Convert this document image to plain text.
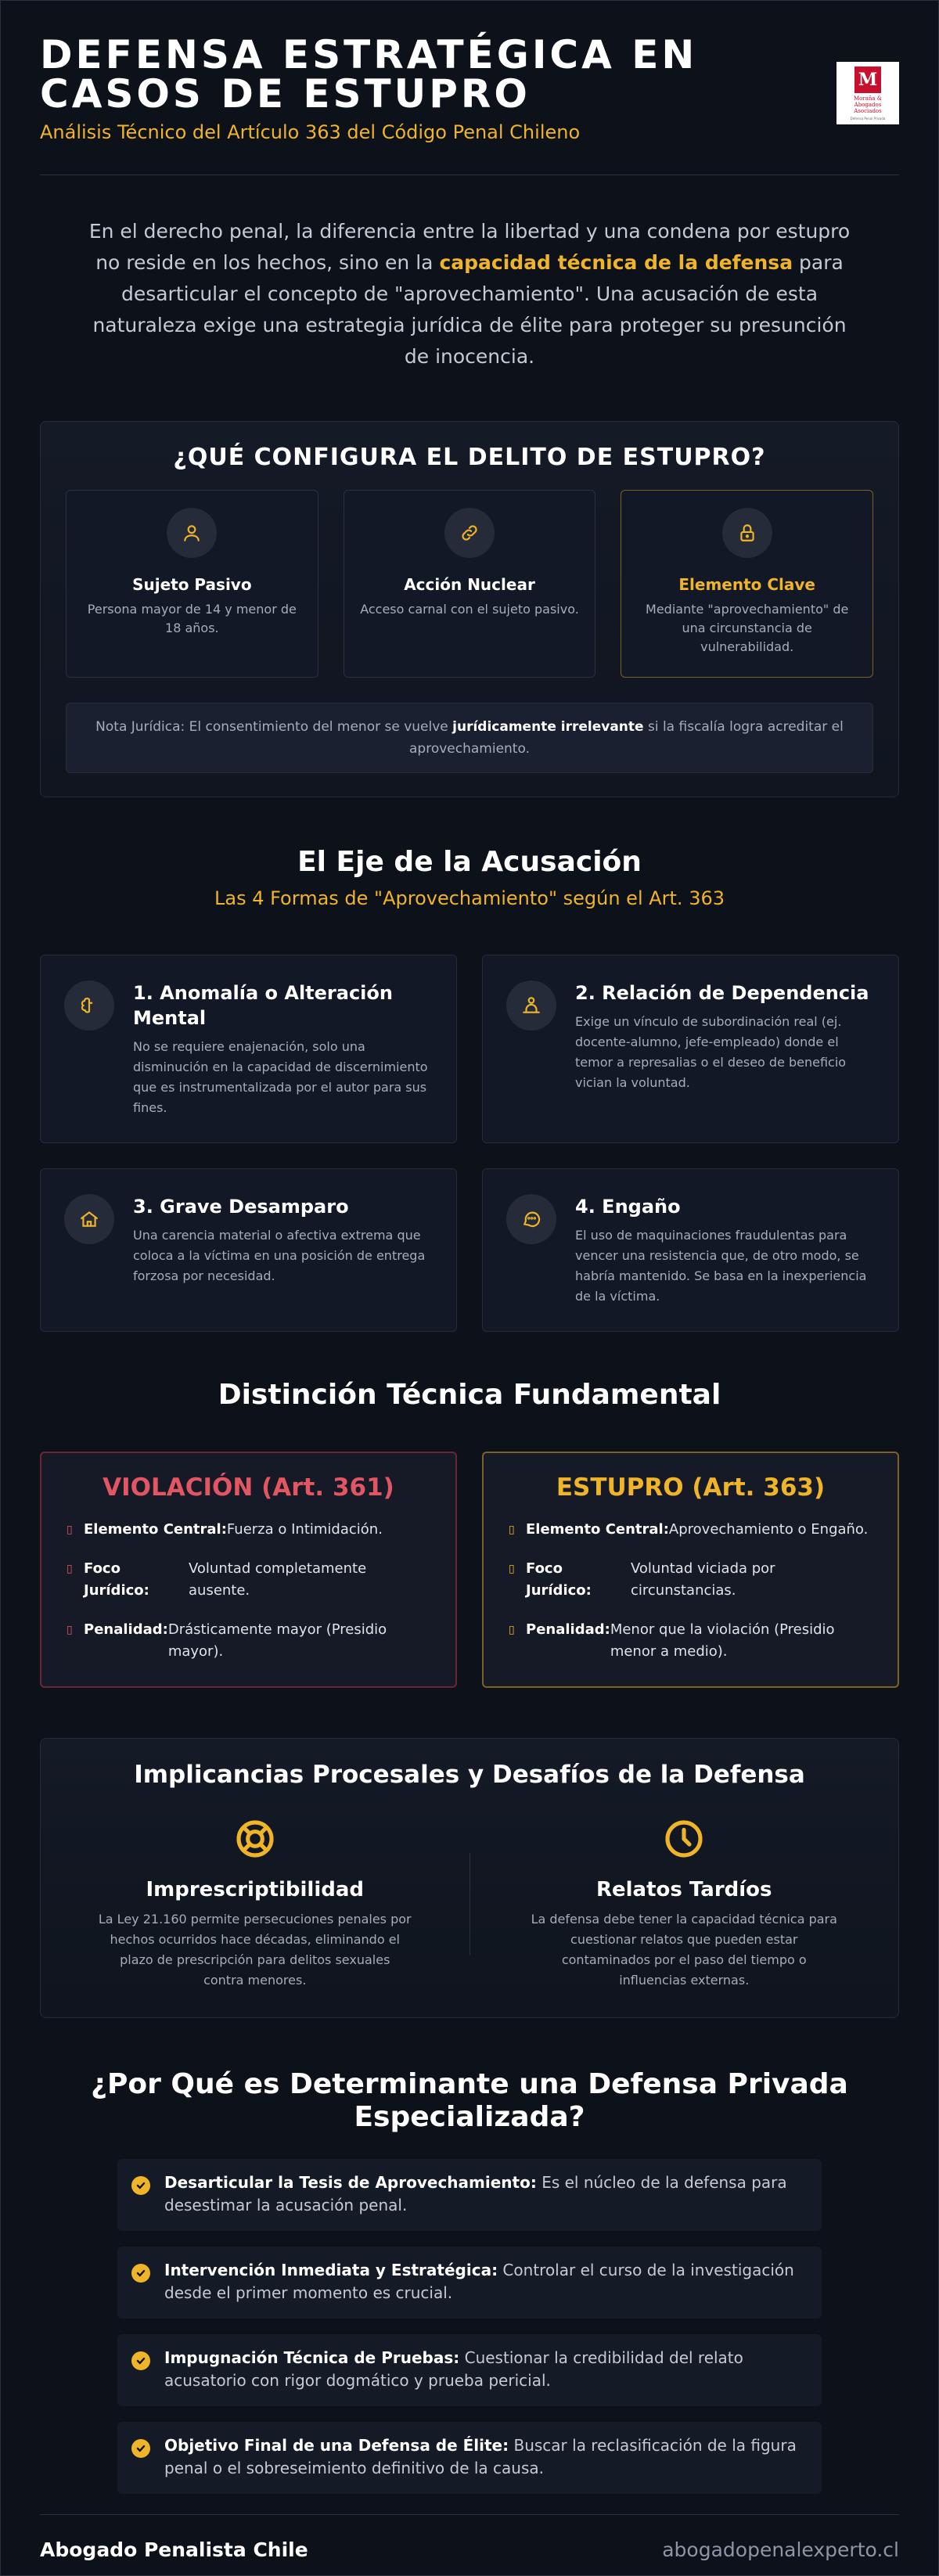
DEFENSA ESTRATÉGICA EN CASOS DE ESTUPRO
Análisis Técnico del Artículo 363 del Código Penal Chileno
M
Moraña & Abogados Asociados
Defensa Penal Privada
En el derecho penal, la diferencia entre la libertad y una condena por estupro no reside en los hechos, sino en la capacidad técnica de la defensa para desarticular el concepto de "aprovechamiento". Una acusación de esta naturaleza exige una estrategia jurídica de élite para proteger su presunción de inocencia.
¿QUÉ CONFIGURA EL DELITO DE ESTUPRO?
Sujeto Pasivo
Persona mayor de 14 y menor de 18 años.
Acción Nuclear
Acceso carnal con el sujeto pasivo.
Elemento Clave
Mediante "aprovechamiento" de una circunstancia de vulnerabilidad.
Nota Jurídica: El consentimiento del menor se vuelve jurídicamente irrelevante si la fiscalía logra acreditar el aprovechamiento.
El Eje de la Acusación
Las 4 Formas de "Aprovechamiento" según el Art. 363
1. Anomalía o Alteración Mental
No se requiere enajenación, solo una disminución en la capacidad de discernimiento que es instrumentalizada por el autor para sus fines.
2. Relación de Dependencia
Exige un vínculo de subordinación real (ej. docente-alumno, jefe-empleado) donde el temor a represalias o el deseo de beneficio vician la voluntad.
3. Grave Desamparo
Una carencia material o afectiva extrema que coloca a la víctima en una posición de entrega forzosa por necesidad.
4. Engaño
El uso de maquinaciones fraudulentas para vencer una resistencia que, de otro modo, se habría mantenido. Se basa en la inexperiencia de la víctima.
Distinción Técnica Fundamental
VIOLACIÓN (Art. 361)
▯ Elemento Central: Fuerza o Intimidación.
▯ Foco Jurídico:
Voluntad completamente ausente.
▯ Penalidad: Drásticamente mayor (Presidio mayor).
ESTUPRO (Art. 363)
▯ Elemento Central: Aprovechamiento o Engaño.
▯ Foco Jurídico:
Voluntad viciada por circunstancias.
▯ Penalidad: Menor que la violación (Presidio menor a medio).
Implicancias Procesales y Desafíos de la Defensa
Imprescriptibilidad
La Ley 21.160 permite persecuciones penales por hechos ocurridos hace décadas, eliminando el plazo de prescripción para delitos sexuales contra menores.
Relatos Tardíos
La defensa debe tener la capacidad técnica para cuestionar relatos que pueden estar contaminados por el paso del tiempo o influencias externas.
¿Por Qué es Determinante una Defensa Privada Especializada?
Desarticular la Tesis de Aprovechamiento: Es el núcleo de la defensa para desestimar la acusación penal.
Intervención Inmediata y Estratégica: Controlar el curso de la investigación desde el primer momento es crucial.
Impugnación Técnica de Pruebas: Cuestionar la credibilidad del relato acusatorio con rigor dogmático y prueba pericial.
Objetivo Final de una Defensa de Élite: Buscar la reclasificación de la figura penal o el sobreseimiento definitivo de la causa.
Abogado Penalista Chile	abogadopenalexperto.cl
